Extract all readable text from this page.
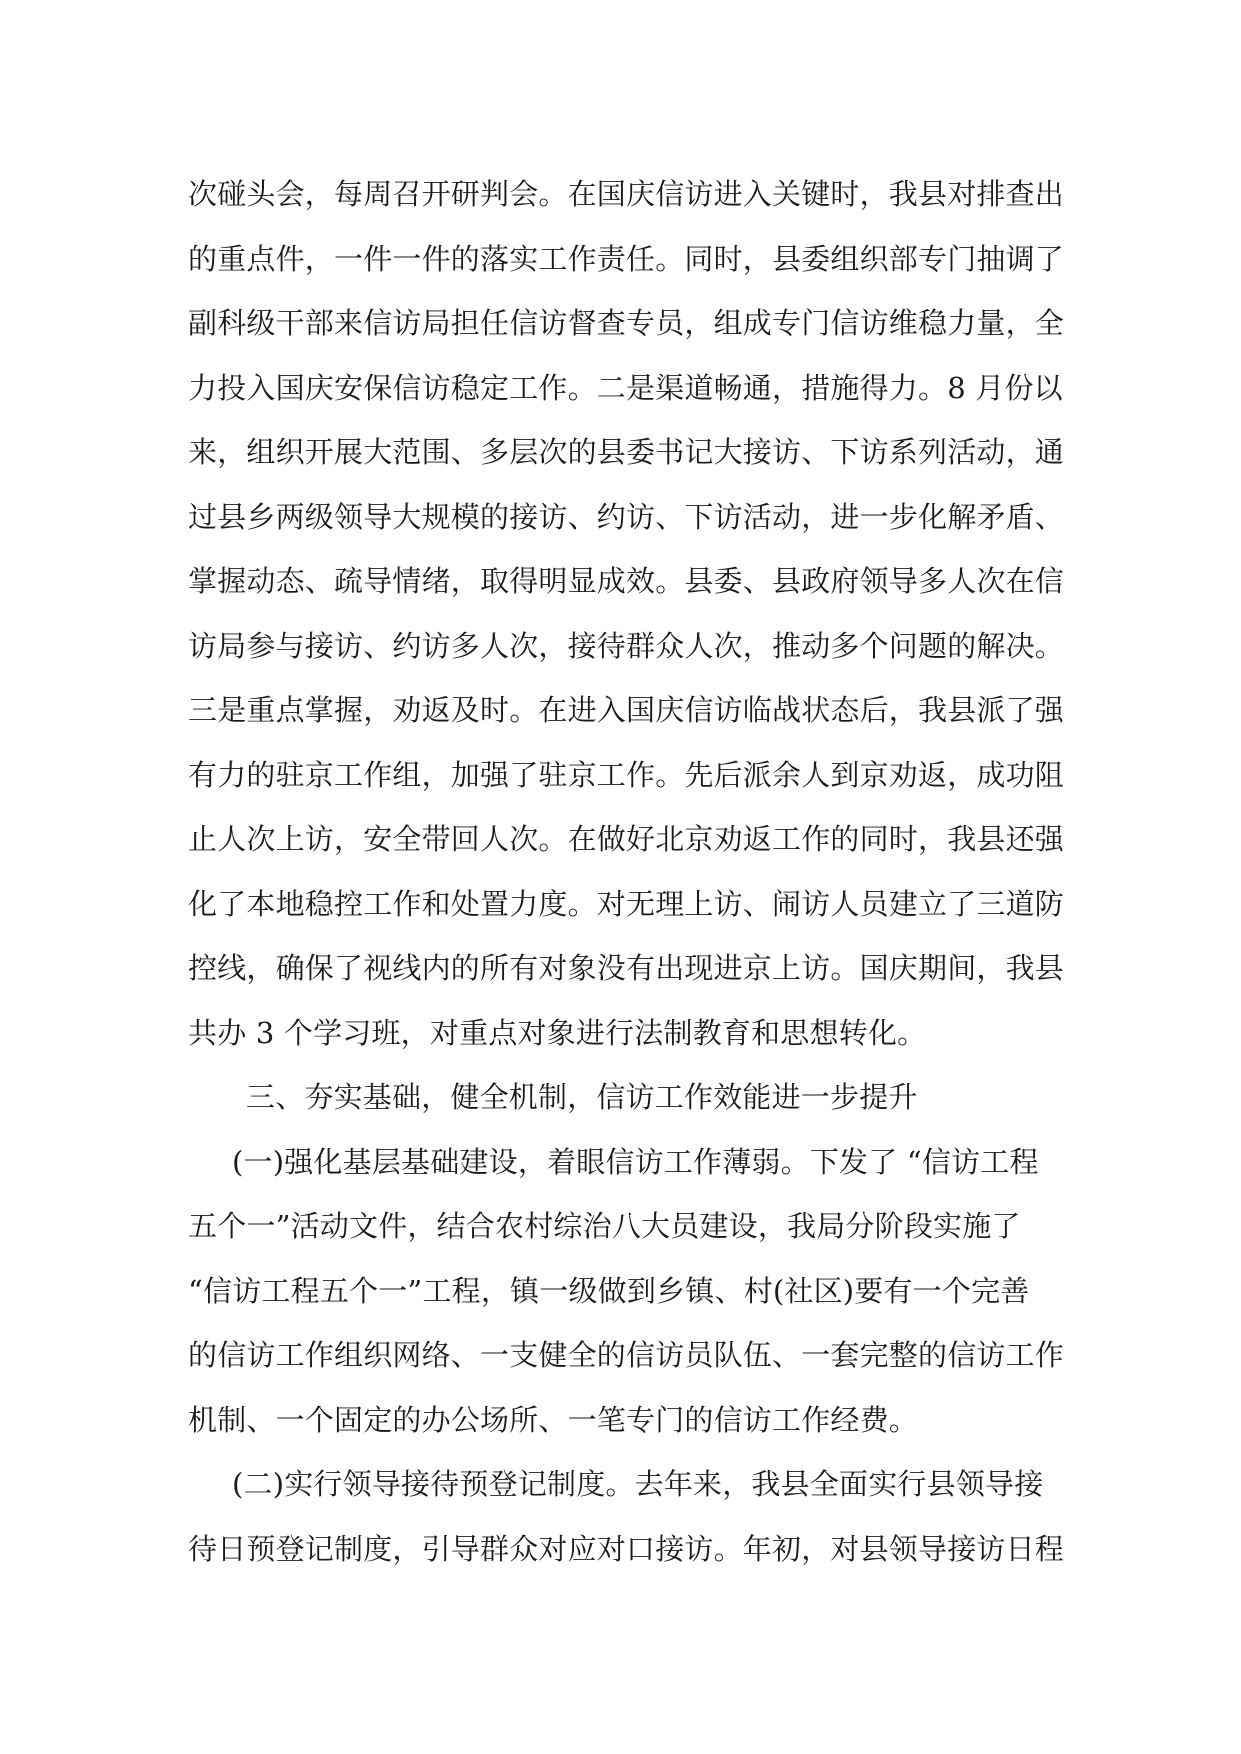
次碰头会，每周召开研判会。在国庆信访进入关键时，我县对排查出
的重点件，一件一件的落实工作责任。同时，县委组织部专门抽调了
副科级干部来信访局担任信访督查专员，组成专门信访维稳力量，全
力投入国庆安保信访稳定工作。二是渠道畅通，措施得力。8 月份以
来，组织开展大范围、多层次的县委书记大接访、下访系列活动，通
过县乡两级领导大规模的接访、约访、下访活动，进一步化解矛盾、
掌握动态、疏导情绪，取得明显成效。县委、县政府领导多人次在信
访局参与接访、约访多人次，接待群众人次，推动多个问题的解决。
三是重点掌握，劝返及时。在进入国庆信访临战状态后，我县派了强
有力的驻京工作组，加强了驻京工作。先后派余人到京劝返，成功阻
止人次上访，安全带回人次。在做好北京劝返工作的同时，我县还强
化了本地稳控工作和处置力度。对无理上访、闹访人员建立了三道防
控线，确保了视线内的所有对象没有出现进京上访。国庆期间，我县
共办 3 个学习班，对重点对象进行法制教育和思想转化。
三、夯实基础，健全机制，信访工作效能进一步提升
(一)强化基层基础建设，着眼信访工作薄弱。下发了 “信访工程
五个一”活动文件，结合农村综治八大员建设，我局分阶段实施了
“信访工程五个一”工程，镇一级做到乡镇、村(社区)要有一个完善
的信访工作组织网络、一支健全的信访员队伍、一套完整的信访工作
机制、一个固定的办公场所、一笔专门的信访工作经费。
(二)实行领导接待预登记制度。去年来，我县全面实行县领导接
待日预登记制度，引导群众对应对口接访。年初，对县领导接访日程
